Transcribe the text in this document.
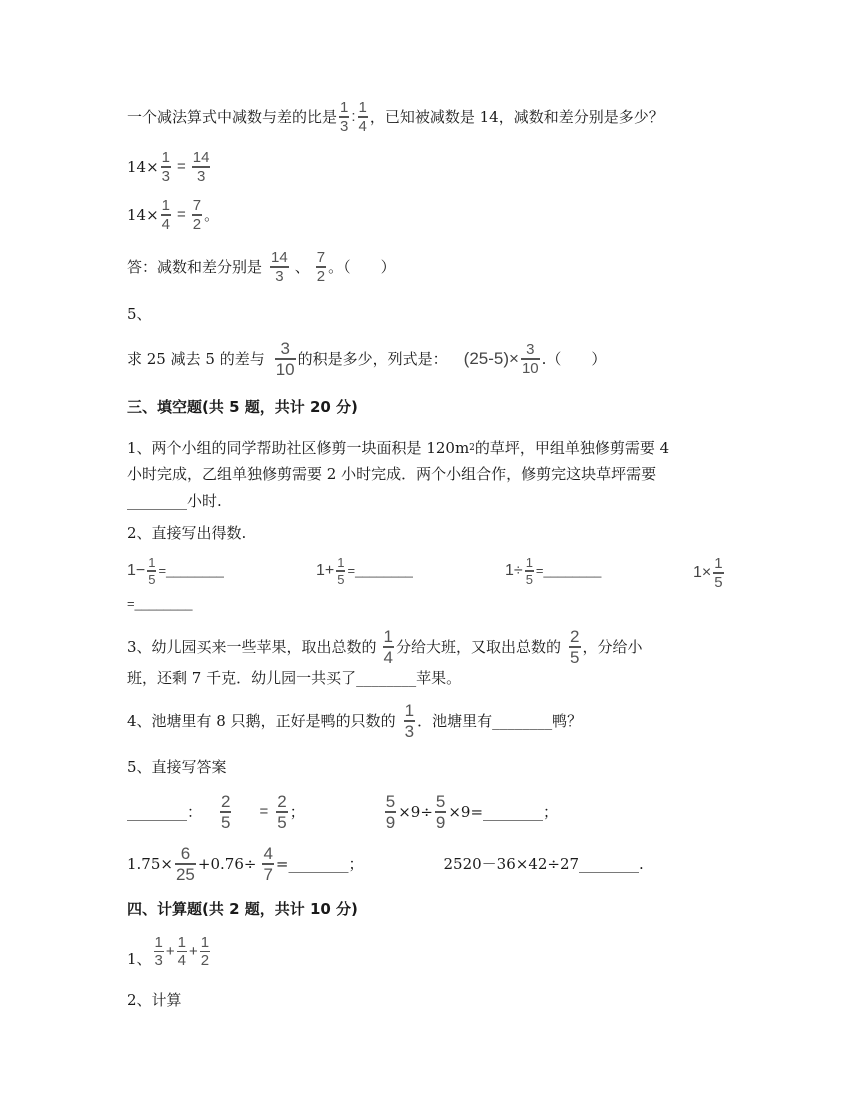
一个减法算式中减数与差的比是 $\frac{1}{3}$ : $\frac{1}{4}$ ，已知被减数是 14，减数和差分别是多少？
$14\times \frac{1}{3} = \frac{14}{3}$
$14\times \frac{1}{4} = \frac{7}{2}$ 。
答：减数和差分别是 $\frac{14}{3}$ 、 $\frac{7}{2}$ 。（　　）
5、
求 25 减去 5 的差与 $\frac{3}{10}$ 的积是多少，列式是： $(25-5)\times \frac{3}{10}$ .（　　）
三、填空题(共 5 题，共计 20 分)
1、两个小组的同学帮助社区修剪一块面积是 120m 2 的草坪，甲组单独修剪需要 4
小时完成，乙组单独修剪需要 2 小时完成．两个小组合作，修剪完这块草坪需要
________小时.
2、直接写出得数.
$1- \frac{1}{5}$ =________	$1+ \frac{1}{5}$ =________	$1\div \frac{1}{5}$ =________	$1\times \frac{1}{5}$
=________
3、幼儿园买来一些苹果，取出总数的 $\frac{1}{4}$ 分给大班，又取出总数的 $\frac{2}{5}$ ，分给小
班，还剩 7 千克．幼儿园一共买了________苹果。
4、池塘里有 8 只鹅，正好是鸭的只数的 $\frac{1}{3}$ ．池塘里有________鸭？
5、直接写答案
________： $\frac{2}{5} = \frac{2}{5}$ ；	$\frac{5}{9} \times 9\div \frac{5}{9}$ ×9=________；
$1.75\times \frac{6}{25} +0.76\div \frac{4}{7}$ =________；	2520－36×42÷27________.
四、计算题(共 2 题，共计 10 分)
1、 $\frac{1}{3} + \frac{1}{4} + \frac{1}{2}$
2、计算
